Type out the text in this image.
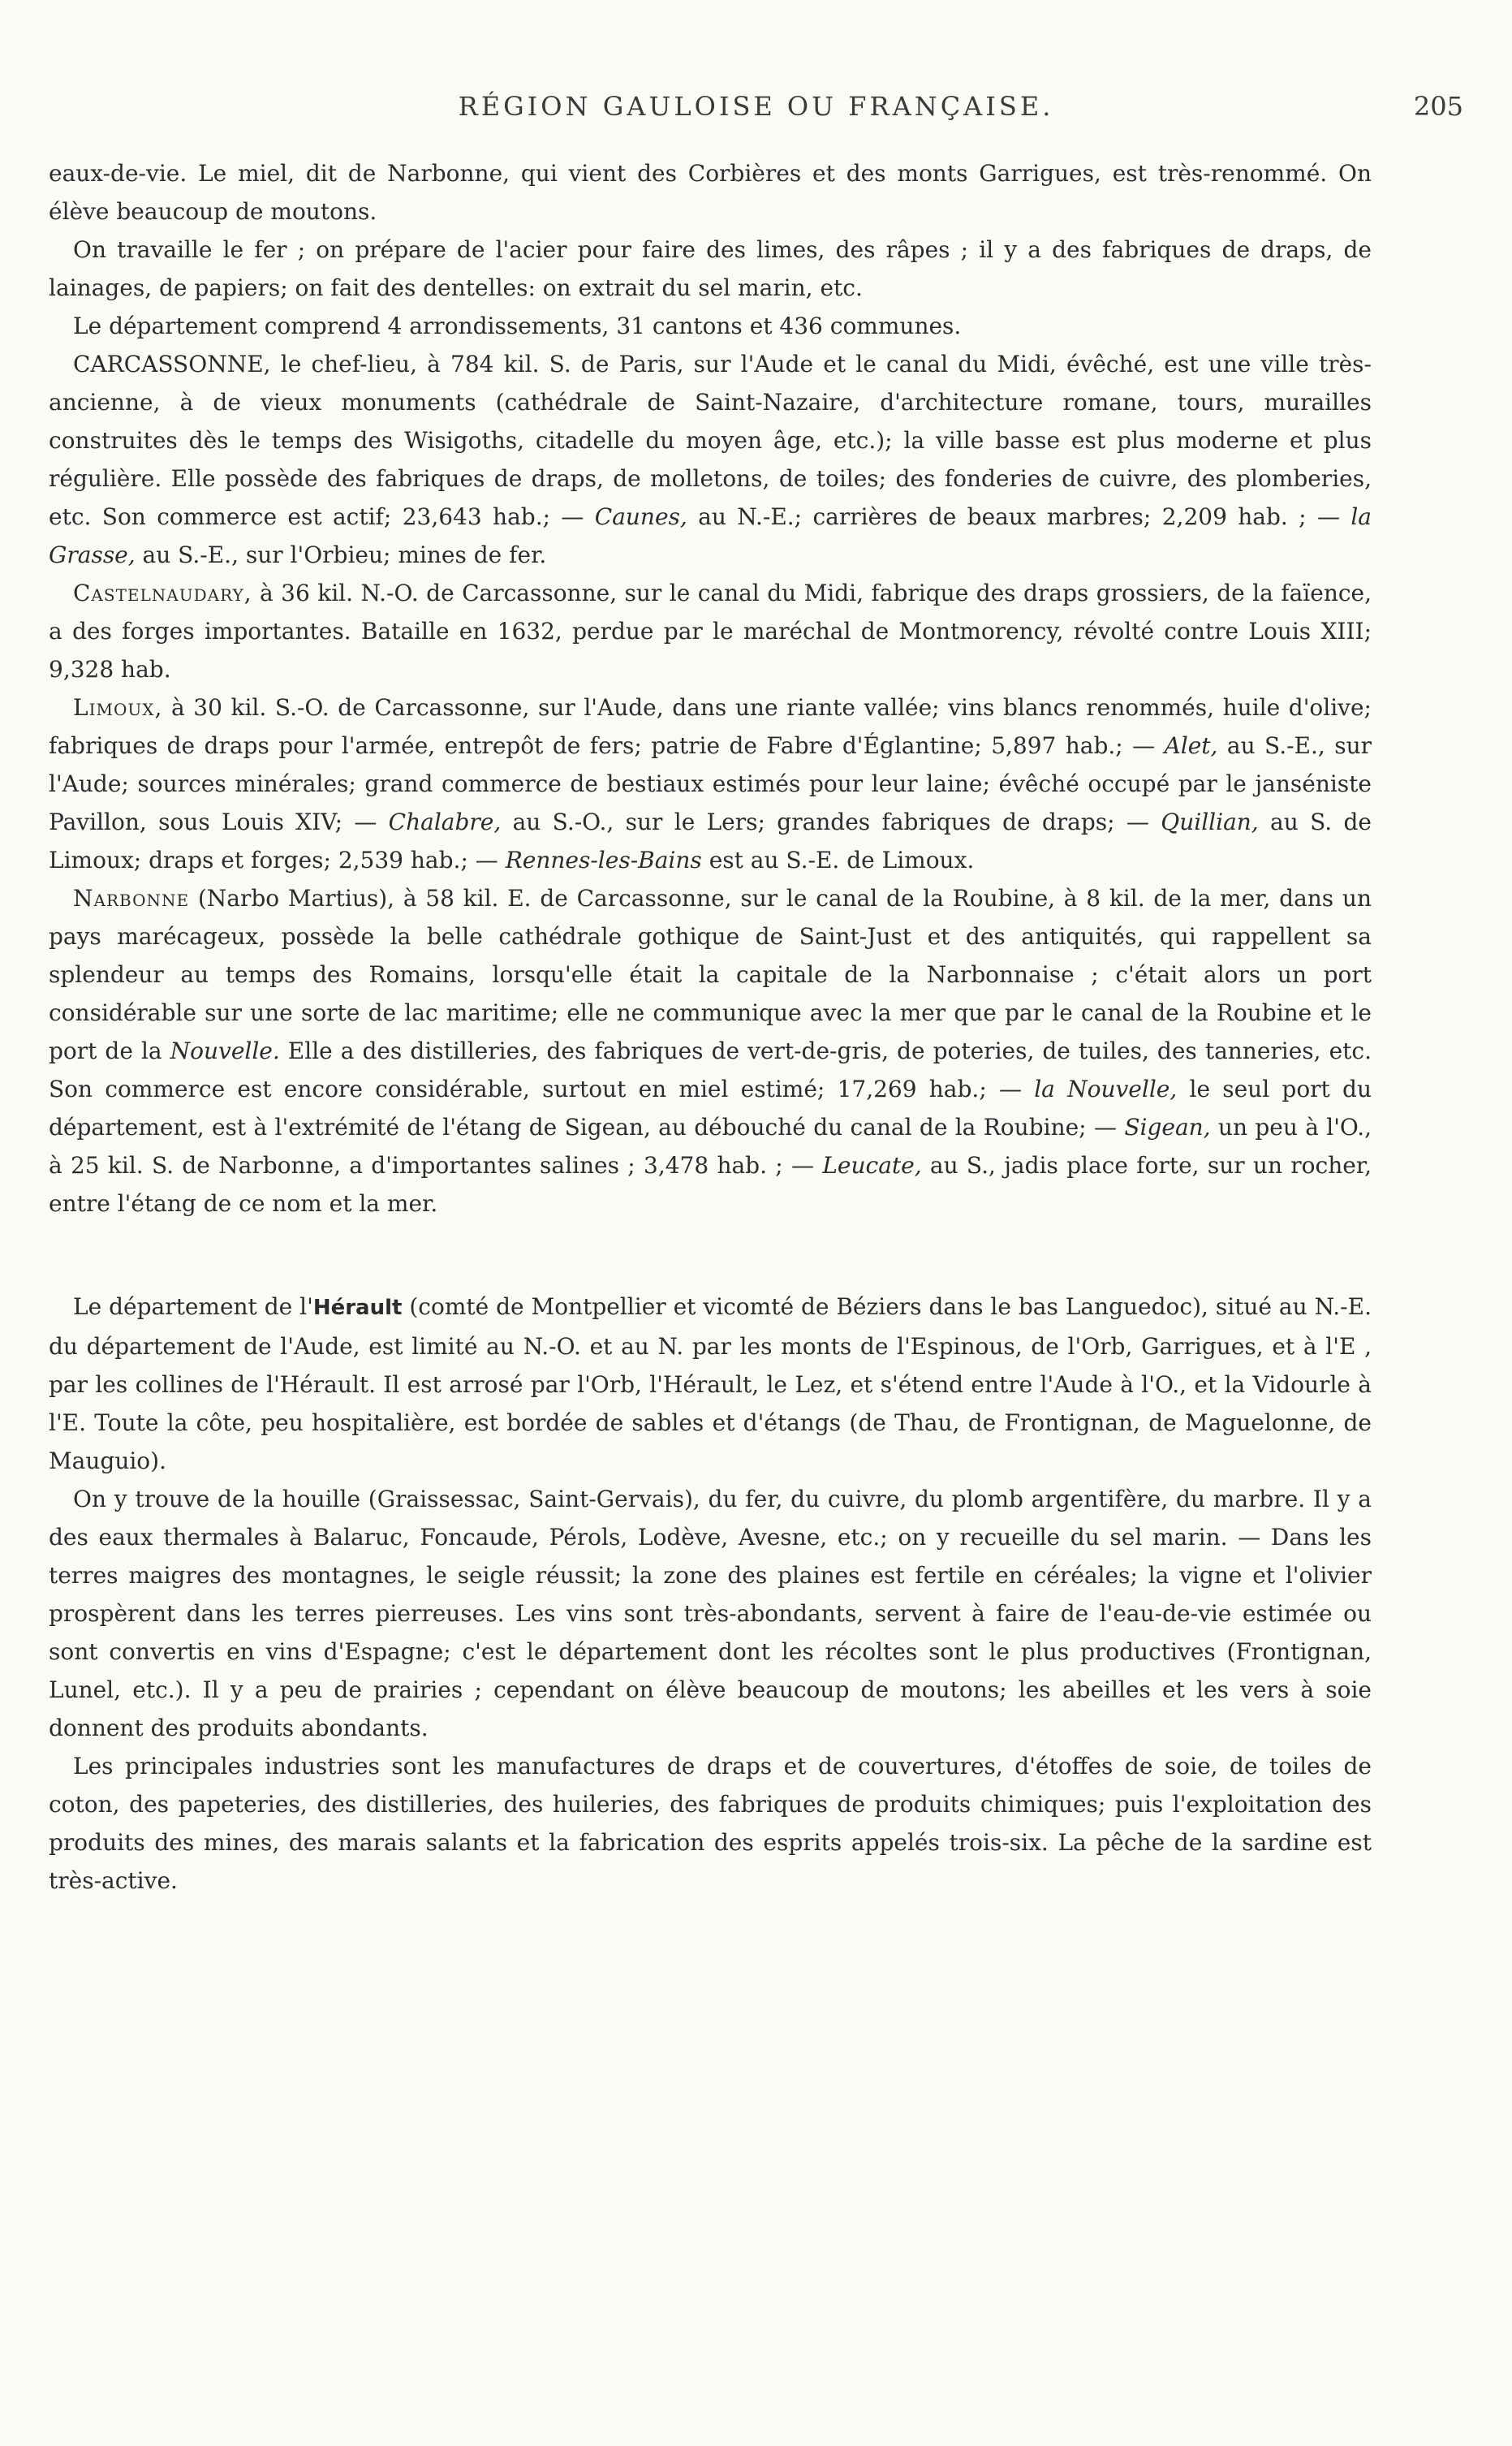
RÉGION GAULOISE OU FRANÇAISE.	205

eaux-de-vie. Le miel, dit de Narbonne, qui vient des Corbières et des monts Garrigues, est très-renommé. On élève beaucoup de moutons.

On travaille le fer ; on prépare de l'acier pour faire des limes, des râpes ; il y a des fabriques de draps, de lainages, de papiers; on fait des dentelles: on extrait du sel marin, etc.

Le département comprend 4 arrondissements, 31 cantons et 436 communes.

CARCASSONNE, le chef-lieu, à 784 kil. S. de Paris, sur l'Aude et le canal du Midi, évêché, est une ville très-ancienne, à de vieux monuments (cathédrale de Saint-Nazaire, d'architecture romane, tours, murailles construites dès le temps des Wisigoths, citadelle du moyen âge, etc.); la ville basse est plus moderne et plus régulière. Elle possède des fabriques de draps, de molletons, de toiles; des fonderies de cuivre, des plomberies, etc. Son commerce est actif; 23,643 hab.; — Caunes, au N.-E.; carrières de beaux marbres; 2,209 hab. ; — la Grasse, au S.-E., sur l'Orbieu; mines de fer.

Castelnaudary, à 36 kil. N.-O. de Carcassonne, sur le canal du Midi, fabrique des draps grossiers, de la faïence, a des forges importantes. Bataille en 1632, perdue par le maréchal de Montmorency, révolté contre Louis XIII; 9,328 hab.

Limoux, à 30 kil. S.-O. de Carcassonne, sur l'Aude, dans une riante vallée; vins blancs renommés, huile d'olive; fabriques de draps pour l'armée, entrepôt de fers; patrie de Fabre d'Églantine; 5,897 hab.; — Alet, au S.-E., sur l'Aude; sources minérales; grand commerce de bestiaux estimés pour leur laine; évêché occupé par le janséniste Pavillon, sous Louis XIV; — Chalabre, au S.-O., sur le Lers; grandes fabriques de draps; — Quillian, au S. de Limoux; draps et forges; 2,539 hab.; — Rennes-les-Bains est au S.-E. de Limoux.

Narbonne (Narbo Martius), à 58 kil. E. de Carcassonne, sur le canal de la Roubine, à 8 kil. de la mer, dans un pays marécageux, possède la belle cathédrale gothique de Saint-Just et des antiquités, qui rappellent sa splendeur au temps des Romains, lorsqu'elle était la capitale de la Narbonnaise ; c'était alors un port considérable sur une sorte de lac maritime; elle ne communique avec la mer que par le canal de la Roubine et le port de la Nouvelle. Elle a des distilleries, des fabriques de vert-de-gris, de poteries, de tuiles, des tanneries, etc. Son commerce est encore considérable, surtout en miel estimé; 17,269 hab.; — la Nouvelle, le seul port du département, est à l'extrémité de l'étang de Sigean, au débouché du canal de la Roubine; — Sigean, un peu à l'O., à 25 kil. S. de Narbonne, a d'importantes salines ; 3,478 hab. ; — Leucate, au S., jadis place forte, sur un rocher, entre l'étang de ce nom et la mer.

Le département de l'Hérault (comté de Montpellier et vicomté de Béziers dans le bas Languedoc), situé au N.-E. du département de l'Aude, est limité au N.-O. et au N. par les monts de l'Espinous, de l'Orb, Garrigues, et à l'E , par les collines de l'Hérault. Il est arrosé par l'Orb, l'Hérault, le Lez, et s'étend entre l'Aude à l'O., et la Vidourle à l'E. Toute la côte, peu hospitalière, est bordée de sables et d'étangs (de Thau, de Frontignan, de Maguelonne, de Mauguio).

On y trouve de la houille (Graissessac, Saint-Gervais), du fer, du cuivre, du plomb argentifère, du marbre. Il y a des eaux thermales à Balaruc, Foncaude, Pérols, Lodève, Avesne, etc.; on y recueille du sel marin. — Dans les terres maigres des montagnes, le seigle réussit; la zone des plaines est fertile en céréales; la vigne et l'olivier prospèrent dans les terres pierreuses. Les vins sont très-abondants, servent à faire de l'eau-de-vie estimée ou sont convertis en vins d'Espagne; c'est le département dont les récoltes sont le plus productives (Frontignan, Lunel, etc.). Il y a peu de prairies ; cependant on élève beaucoup de moutons; les abeilles et les vers à soie donnent des produits abondants.

Les principales industries sont les manufactures de draps et de couvertures, d'étoffes de soie, de toiles de coton, des papeteries, des distilleries, des huileries, des fabriques de produits chimiques; puis l'exploitation des produits des mines, des marais salants et la fabrication des esprits appelés trois-six. La pêche de la sardine est très-active.
